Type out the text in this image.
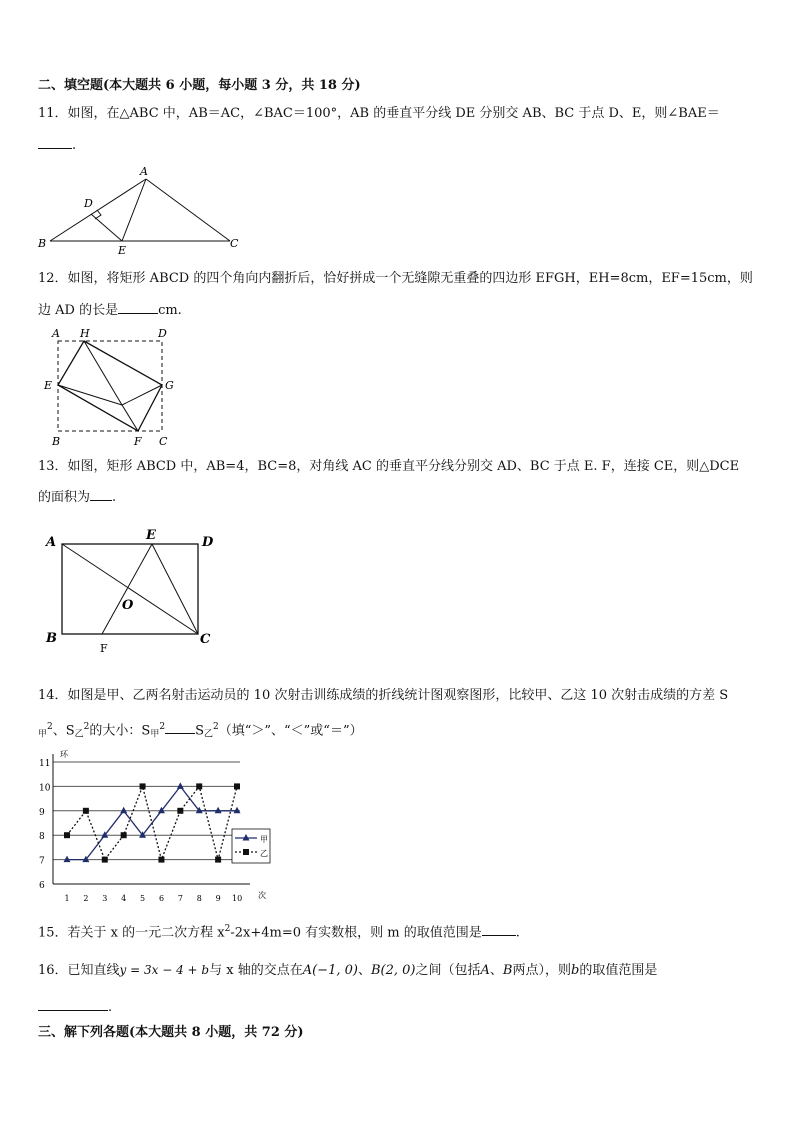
二、填空题(本大题共 6 小题，每小题 3 分，共 18 分)
11．如图，在△ABC 中，AB＝AC，∠BAC＝100°，AB 的垂直平分线 DE 分别交 AB、BC 于点 D、E，则∠BAE＝
.
A
B	C
D
E
12．如图，将矩形 ABCD 的四个角向内翻折后，恰好拼成一个无缝隙无重叠的四边形 EFGH，EH=8cm，EF=15cm，则
边 AD 的长是	cm.
A H	D
E	G
B	F C
13．如图，矩形 ABCD 中，AB=4，BC=8，对角线 AC 的垂直平分线分别交 AD、BC 于点 E. F，连接 CE，则△DCE
的面积为 .
A	E	D
O
B	C
F
14．如图是甲、乙两名射击运动员的 10 次射击训练成绩的折线统计图观察图形，比较甲、乙这 10 次射击成绩的方差 S
甲$^2$、S乙$^2$的大小：S甲$^2$ S乙$^2$（填“＞”、“＜”或“＝”）
6
7
8
9
10
11
环
次
1 2 3 4 5 6 7 8 9 10
甲
乙
15．若关于 x 的一元二次方程 $x^2-2x+4m=0$ 有实数根，则 m 的取值范围是	.
16．已知直线y = 3x − 4 + b与 x 轴的交点在A(−1, 0)、B(2, 0)之间（包括A、B两点），则b的取值范围是
.
三、解下列各题(本大题共 8 小题，共 72 分)
